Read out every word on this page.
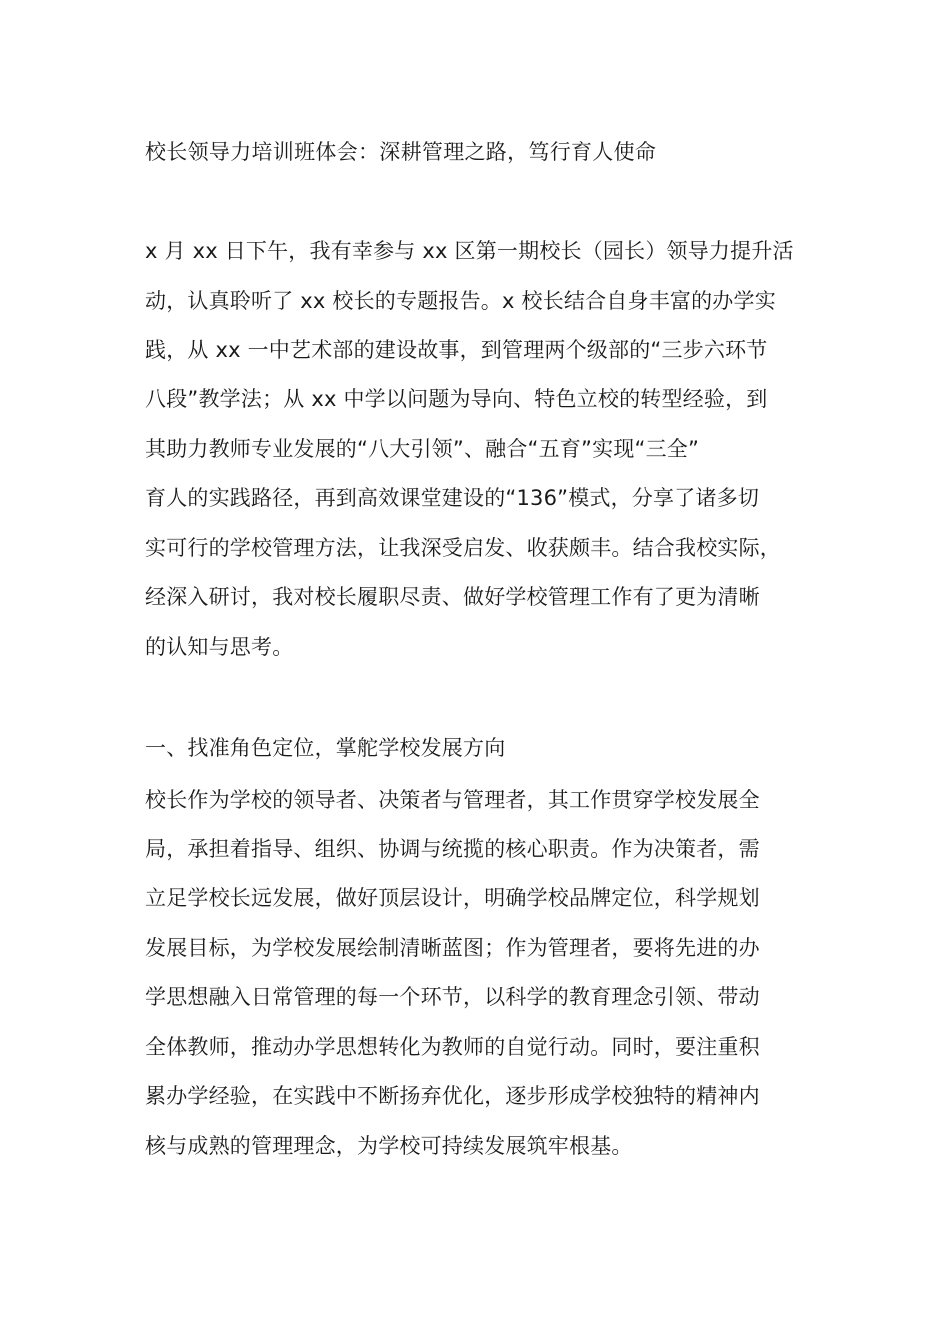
校长领导力培训班体会：深耕管理之路，笃行育人使命
x 月 xx 日下午，我有幸参与 xx 区第一期校长（园长）领导力提升活
动，认真聆听了 xx 校长的专题报告。x 校长结合自身丰富的办学实
践，从 xx 一中艺术部的建设故事，到管理两个级部的“三步六环节
八段”教学法；从 xx 中学以问题为导向、特色立校的转型经验，到
其助力教师专业发展的“八大引领”、融合“五育”实现“三全”
育人的实践路径，再到高效课堂建设的“136”模式，分享了诸多切
实可行的学校管理方法，让我深受启发、收获颇丰。结合我校实际，
经深入研讨，我对校长履职尽责、做好学校管理工作有了更为清晰
的认知与思考。
一、找准角色定位，掌舵学校发展方向
校长作为学校的领导者、决策者与管理者，其工作贯穿学校发展全
局，承担着指导、组织、协调与统揽的核心职责。作为决策者，需
立足学校长远发展，做好顶层设计，明确学校品牌定位，科学规划
发展目标，为学校发展绘制清晰蓝图；作为管理者，要将先进的办
学思想融入日常管理的每一个环节，以科学的教育理念引领、带动
全体教师，推动办学思想转化为教师的自觉行动。同时，要注重积
累办学经验，在实践中不断扬弃优化，逐步形成学校独特的精神内
核与成熟的管理理念，为学校可持续发展筑牢根基。
